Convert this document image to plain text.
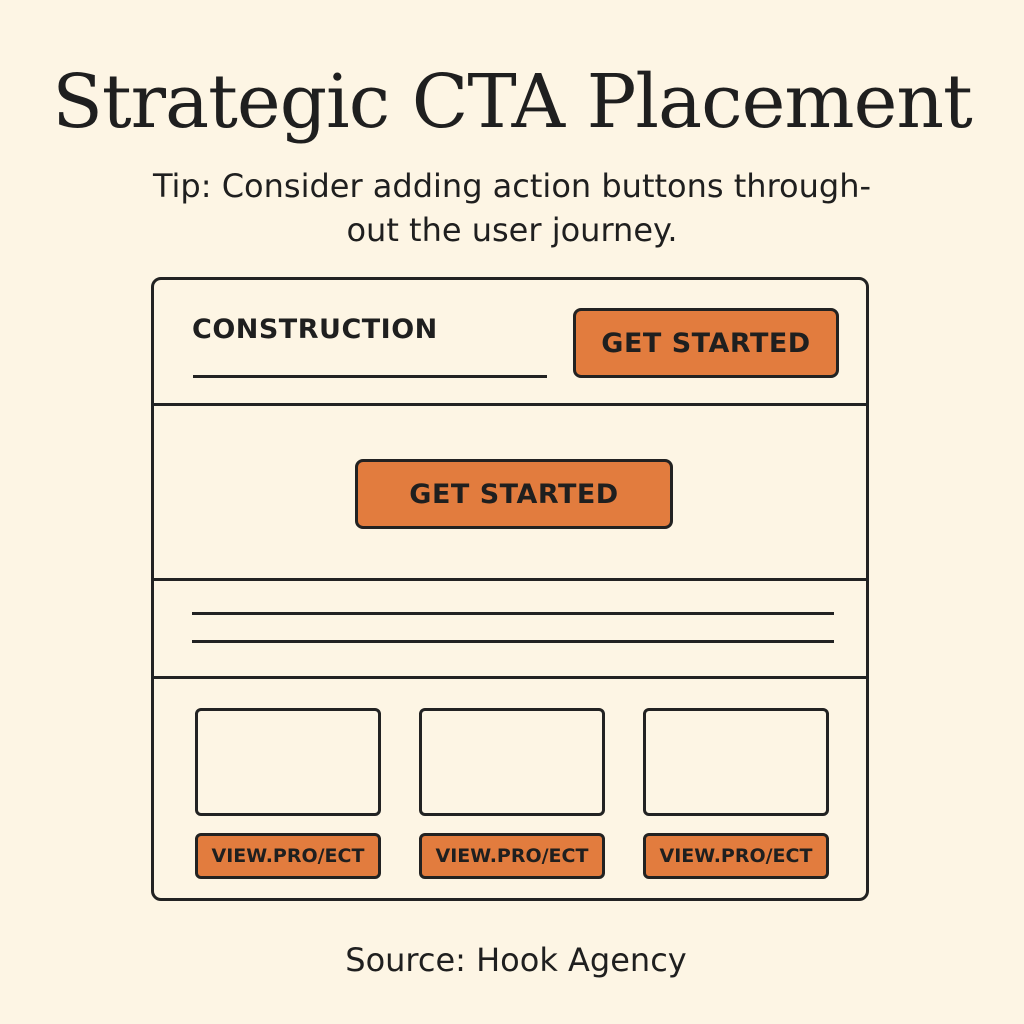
Strategic CTA Placement
Tip: Consider adding action buttons through-
out the user journey.
CONSTRUCTION	GET STARTED
GET STARTED
VIEW.PRO/ECT	VIEW.PRO/ECT	VIEW.PRO/ECT
Source: Hook Agency
